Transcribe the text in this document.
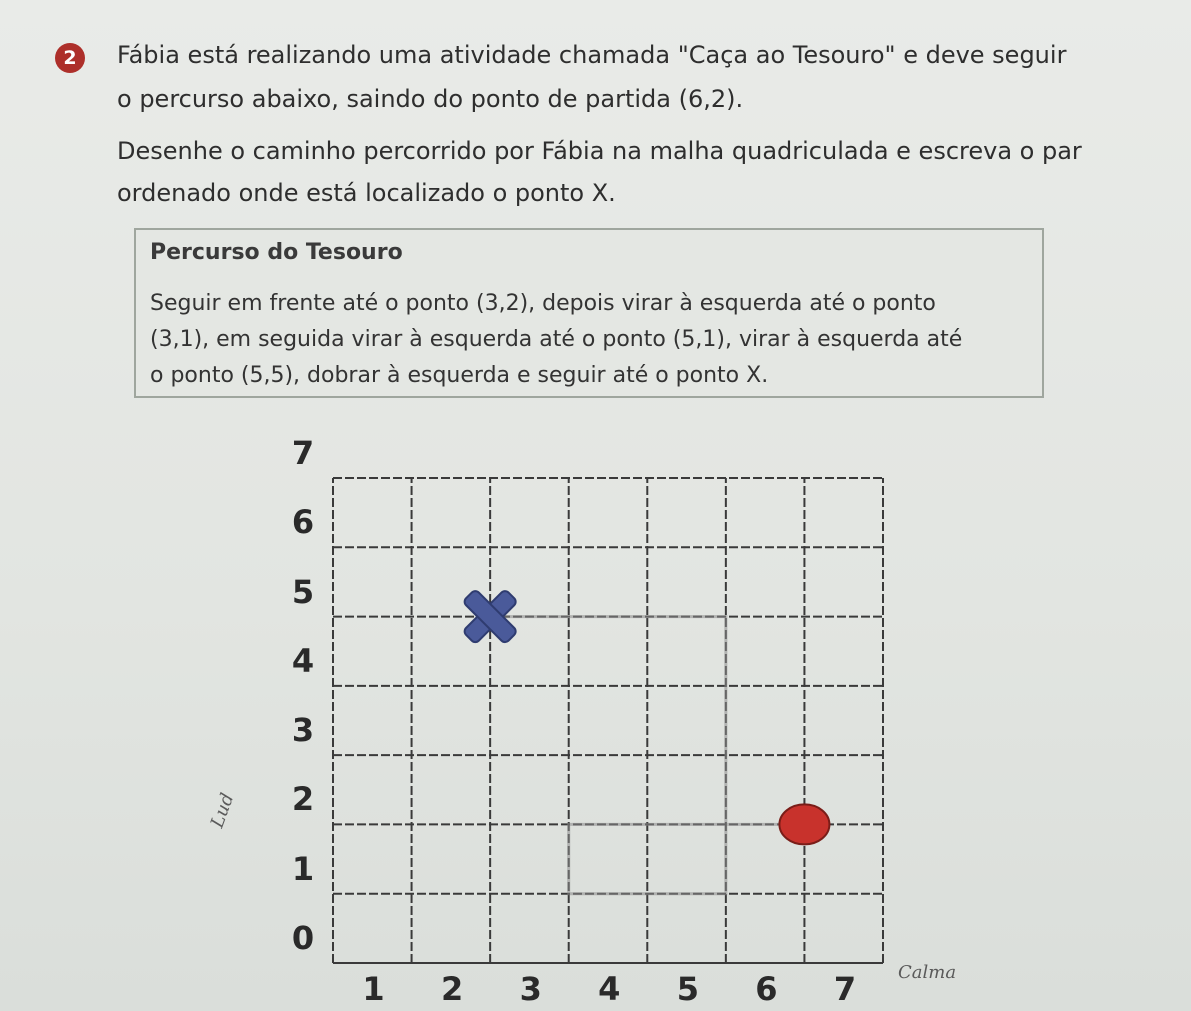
2	Fábia está realizando uma atividade chamada "Caça ao Tesouro" e deve seguir
o percurso abaixo, saindo do ponto de partida (6,2).
Desenhe o caminho percorrido por Fábia na malha quadriculada e escreva o par
ordenado onde está localizado o ponto X.
Percurso do Tesouro
Seguir em frente até o ponto (3,2), depois virar à esquerda até o ponto
(3,1), em seguida virar à esquerda até o ponto (5,1), virar à esquerda até
o ponto (5,5), dobrar à esquerda e seguir até o ponto X.
0
1
2
3
4
5
6
7
1 2 3 4 5 6 7
Lud
Calma
